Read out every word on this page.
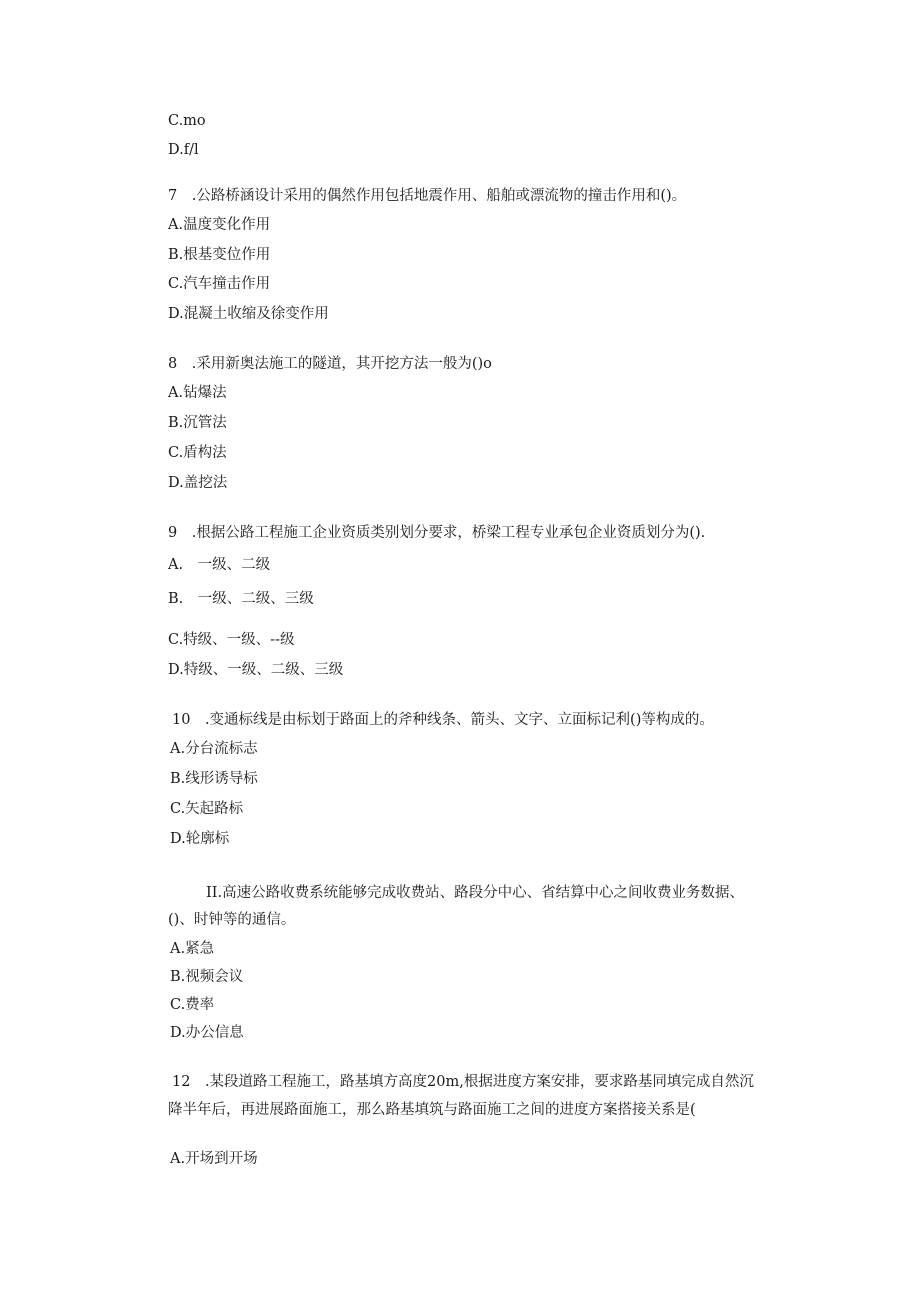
C.mo
D.f/l
7　.公路桥涵设计采用的偶然作用包括地震作用、船舶或漂流物的撞击作用和()。
A.温度变化作用
B.根基变位作用
C.汽车撞击作用
D.混凝土收缩及徐变作用
8　.采用新奥法施工的隧道，其开挖方法一般为()o
A.钻爆法
B.沉管法
C.盾构法
D.盖挖法
9　.根据公路工程施工企业资质类别划分要求，桥梁工程专业承包企业资质划分为().
A.　一级、二级
B.　一级、二级、三级
C.特级、一级、--级
D.特级、一级、二级、三级
10　.变通标线是由标划于路面上的斧种线条、箭头、文字、立面标记利()等构成的。
A.分台流标志
B.线形诱导标
C.矢起路标
D.轮廓标
II.高速公路收费系统能够完成收费站、路段分中心、省结算中心之间收费业务数据、
()、时钟等的通信。
A.紧急
B.视频会议
C.费率
D.办公信息
12　.某段道路工程施工，路基填方高度20m,根据进度方案安排，要求路基同填完成自然沉
降半年后，再进展路面施工，那么路基填筑与路面施工之间的进度方案搭接关系是(
A.开场到开场
